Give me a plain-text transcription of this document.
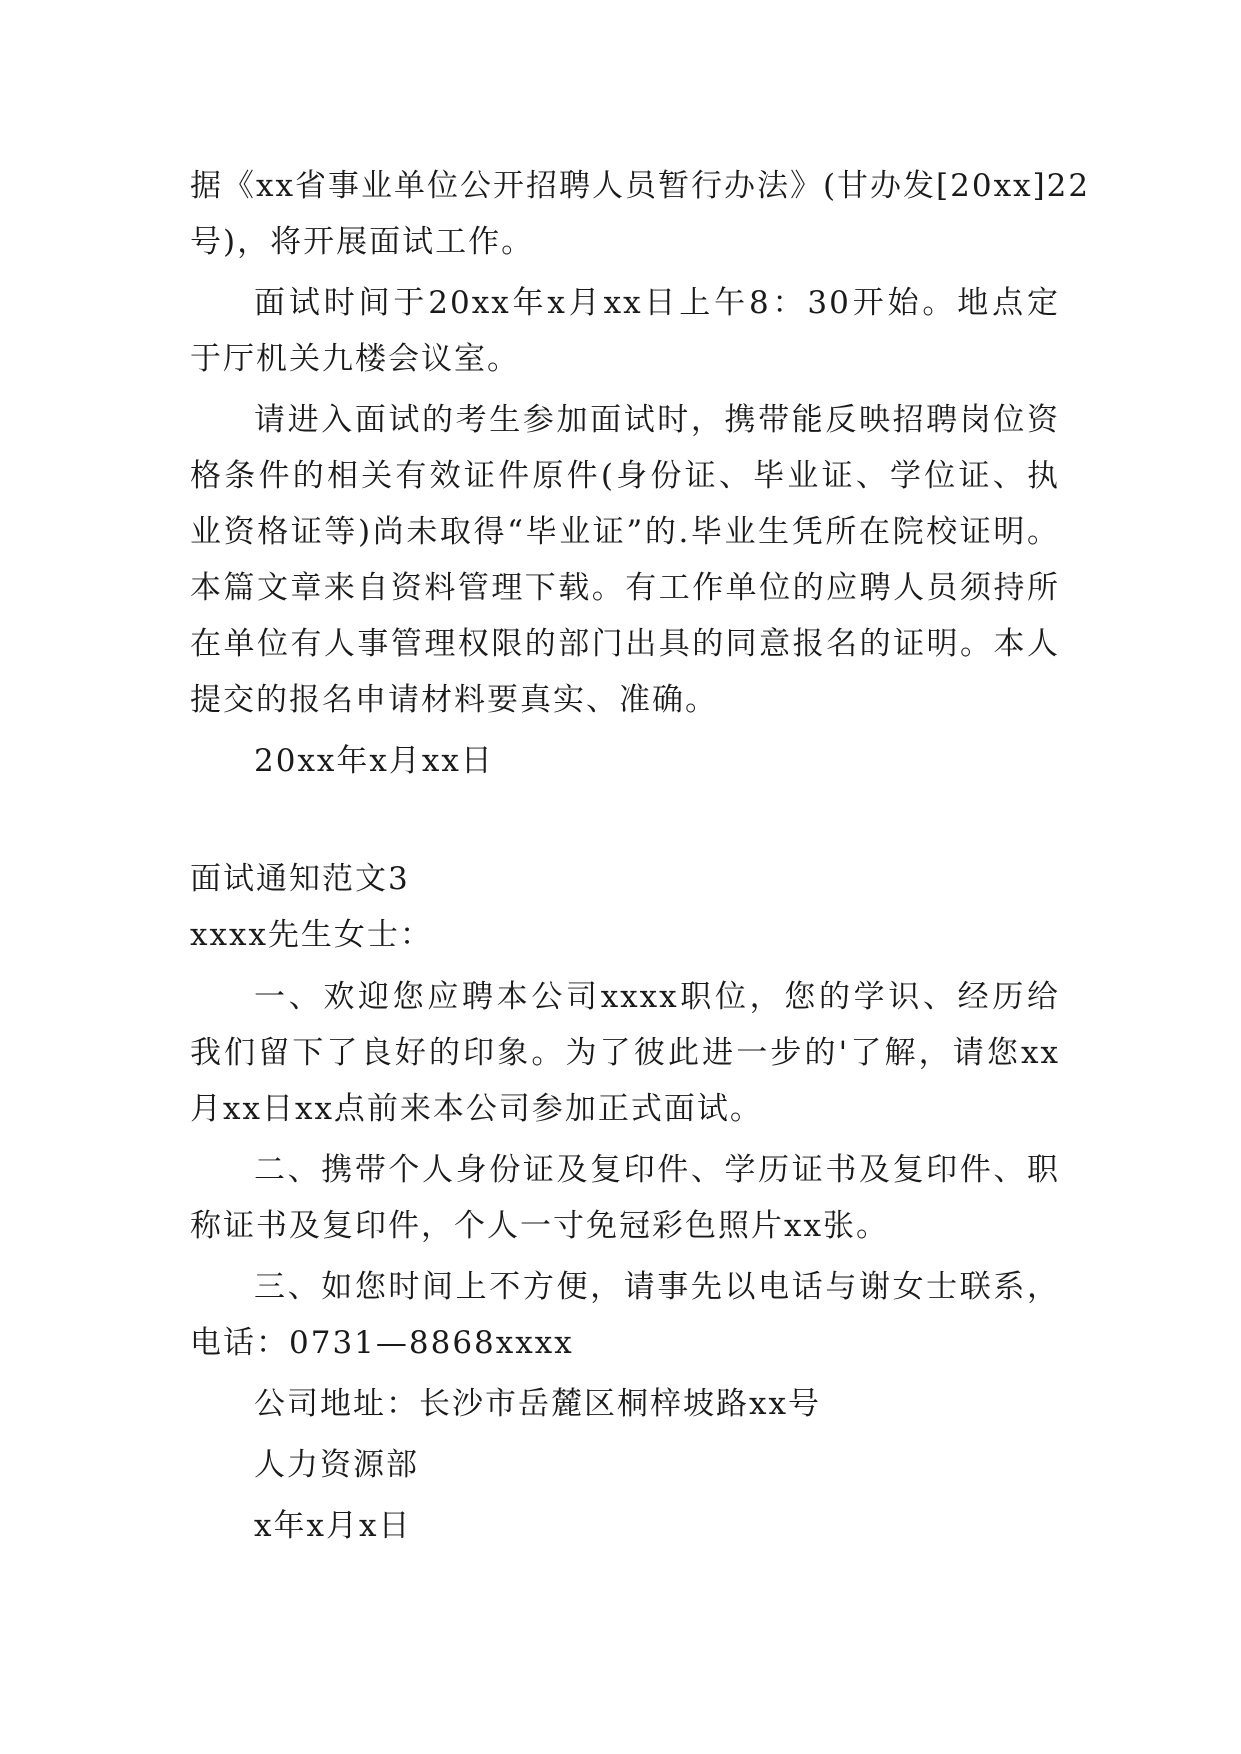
据《xx省事业单位公开招聘人员暂行办法》(甘办发[20xx]22
号)，将开展面试工作。
面试时间于20xx年x月xx日上午8：30开始。地点定
于厅机关九楼会议室。
请进入面试的考生参加面试时，携带能反映招聘岗位资
格条件的相关有效证件原件(身份证、毕业证、学位证、执
业资格证等)尚未取得“毕业证”的.毕业生凭所在院校证明。
本篇文章来自资料管理下载。有工作单位的应聘人员须持所
在单位有人事管理权限的部门出具的同意报名的证明。本人
提交的报名申请材料要真实、准确。
20xx年x月xx日
面试通知范文3
xxxx先生女士：
一、欢迎您应聘本公司xxxx职位，您的学识、经历给
我们留下了良好的印象。为了彼此进一步的'了解，请您xx
月xx日xx点前来本公司参加正式面试。
二、携带个人身份证及复印件、学历证书及复印件、职
称证书及复印件，个人一寸免冠彩色照片xx张。
三、如您时间上不方便，请事先以电话与谢女士联系，
电话：0731—8868xxxx
公司地址：长沙市岳麓区桐梓坡路xx号
人力资源部
x年x月x日
